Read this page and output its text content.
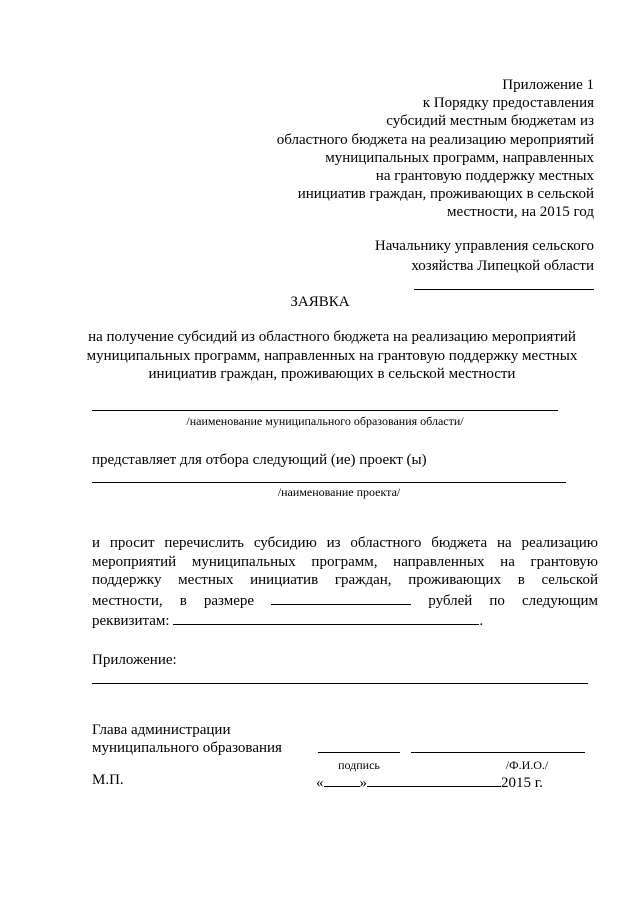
Приложение 1
к Порядку предоставления
субсидий местным бюджетам из
областного бюджета на реализацию мероприятий
муниципальных программ, направленных
на грантовую поддержку местных
инициатив граждан, проживающих в сельской
местности, на 2015 год
Начальнику управления сельского
хозяйства Липецкой области
ЗАЯВКА
на получение субсидий из областного бюджета на реализацию мероприятий
муниципальных программ, направленных на грантовую поддержку местных
инициатив граждан, проживающих в сельской местности
/наименование муниципального образования области/
представляет для отбора следующий (ие) проект (ы)
/наименование проекта/
и просит перечислить субсидию из областного бюджета на реализацию
мероприятий муниципальных программ, направленных на грантовую
поддержку местных инициатив граждан, проживающих в сельской
местности, в размере	рублей по следующим
реквизитам:	.
Приложение:
Глава администрации
муниципального образования
подпись	/Ф.И.О./
М.П.	« »	2015 г.
